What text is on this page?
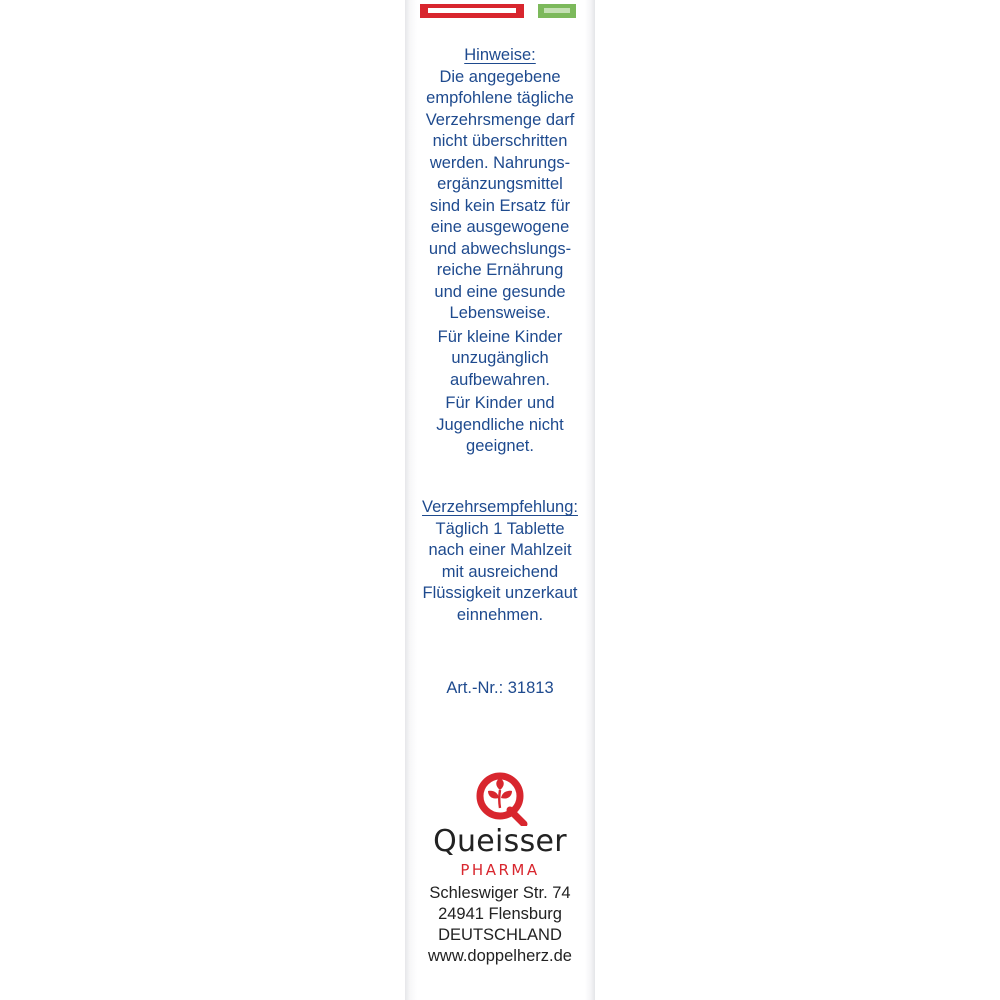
Hinweise:
Die angegebene
empfohlene tägliche
Verzehrsmenge darf
nicht überschritten
werden. Nahrungs-
ergänzungsmittel
sind kein Ersatz für
eine ausgewogene
und abwechslungs-
reiche Ernährung
und eine gesunde
Lebensweise.
Für kleine Kinder
unzugänglich
aufbewahren.
Für Kinder und
Jugendliche nicht
geeignet.
Verzehrsempfehlung:
Täglich 1 Tablette
nach einer Mahlzeit
mit ausreichend
Flüssigkeit unzerkaut
einnehmen.
Art.-Nr.: 31813
Queisser
PHARMA
Schleswiger Str. 74
24941 Flensburg
DEUTSCHLAND
www.doppelherz.de
